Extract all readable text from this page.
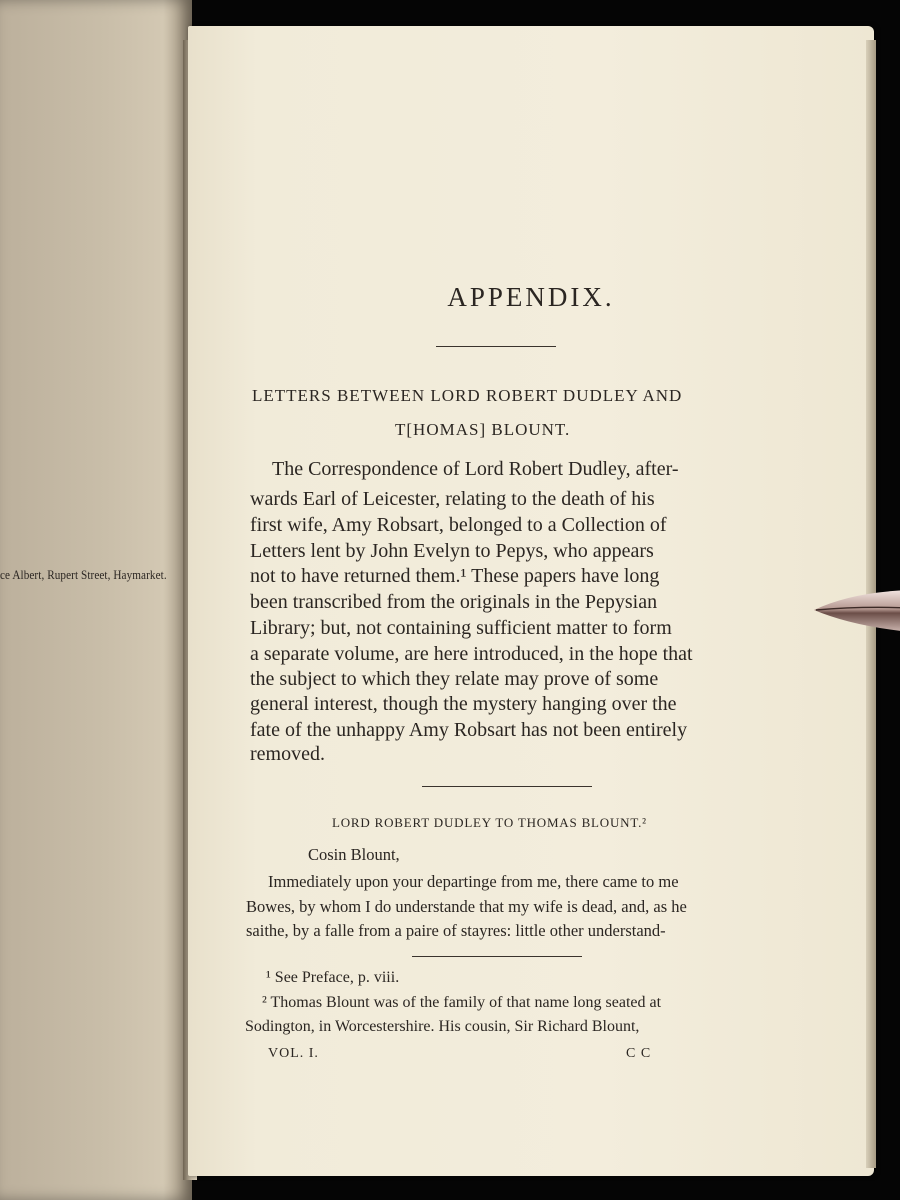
ce Albert, Rupert Street, Haymarket.
APPENDIX.
LETTERS BETWEEN LORD ROBERT DUDLEY AND
T[HOMAS] BLOUNT.
The Correspondence of Lord Robert Dudley, after-
wards Earl of Leicester, relating to the death of his
first wife, Amy Robsart, belonged to a Collection of
Letters lent by John Evelyn to Pepys, who appears
not to have returned them.¹ These papers have long
been transcribed from the originals in the Pepysian
Library; but, not containing sufficient matter to form
a separate volume, are here introduced, in the hope that
the subject to which they relate may prove of some
general interest, though the mystery hanging over the
fate of the unhappy Amy Robsart has not been entirely
removed.
LORD ROBERT DUDLEY TO THOMAS BLOUNT.²
Cosin Blount,
Immediately upon your departinge from me, there came to me
Bowes, by whom I do understande that my wife is dead, and, as he
saithe, by a falle from a paire of stayres: little other understand-
¹ See Preface, p. viii.
² Thomas Blount was of the family of that name long seated at
Sodington, in Worcestershire. His cousin, Sir Richard Blount,
VOL. I.	C C
